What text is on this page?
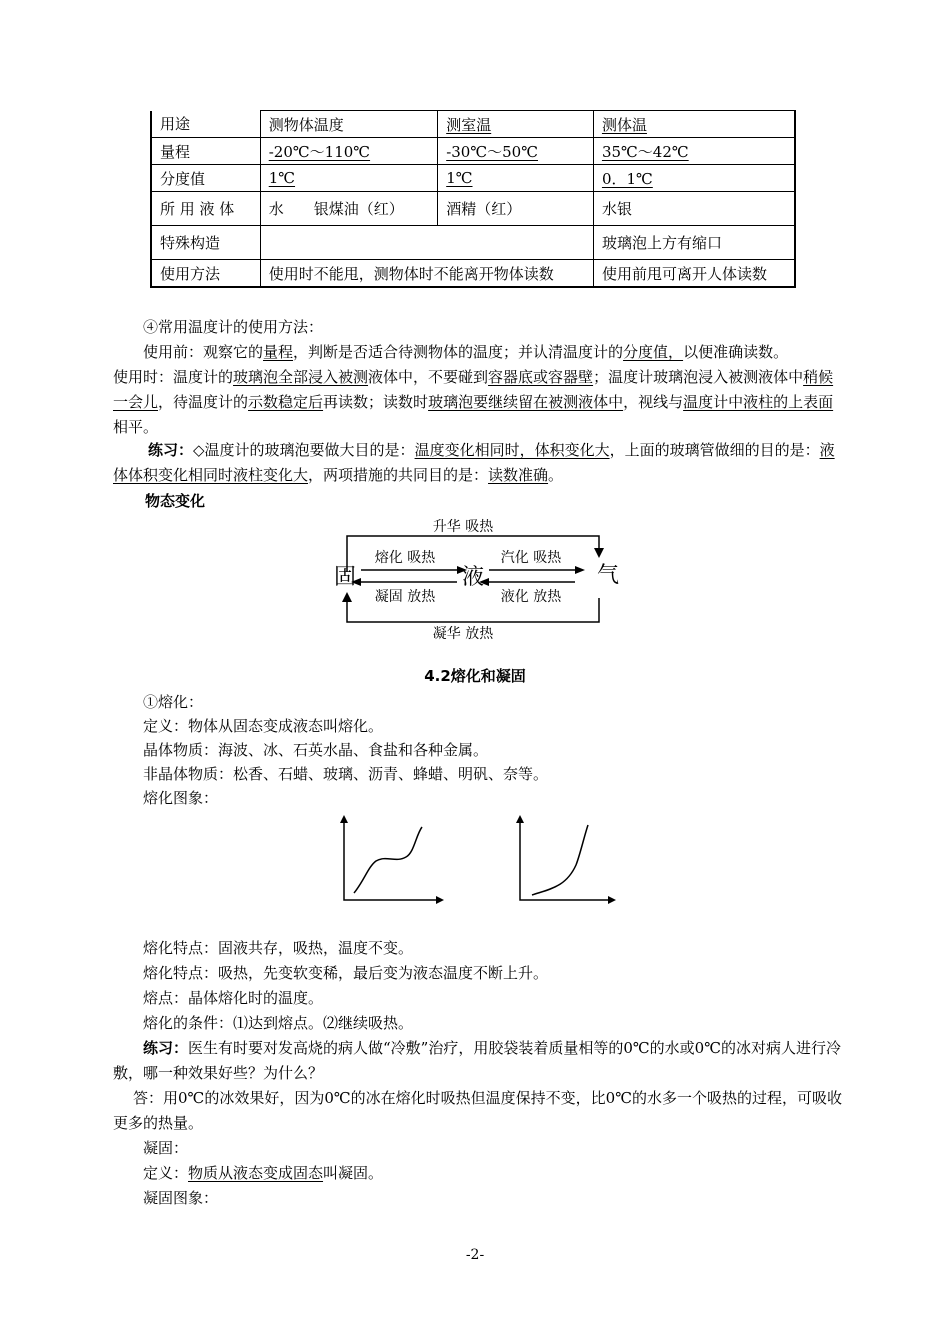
用途	测物体温度	测室温	测体温
量程	-20℃～110℃	-30℃～50℃	35℃～42℃
分度值	1℃	1℃	0．1℃
所 用 液 体	水　　银煤油（红）	酒精（红）	水银
特殊构造			玻璃泡上方有缩口
使用方法	使用时不能甩，测物体时不能离开物体读数		使用前甩可离开人体读数
④常用温度计的使用方法：
使用前：观察它的量程，判断是否适合待测物体的温度；并认清温度计的分度值，以便准确读数。
使用时：温度计的玻璃泡全部浸入被测液体中，不要碰到容器底或容器壁；温度计玻璃泡浸入被测液体中稍候一会儿，待温度计的示数稳定后再读数；读数时玻璃泡要继续留在被测液体中，视线与温度计中液柱的上表面相平。
练习：◇温度计的玻璃泡要做大目的是：温度变化相同时，体积变化大，上面的玻璃管做细的目的是：液体体积变化相同时液柱变化大，两项措施的共同目的是：读数准确。
物态变化
升华 吸热
凝华 放热
熔化 吸热
凝固 放热
汽化 吸热
液化 放热
固	液	气
4.2熔化和凝固
①熔化：
定义：物体从固态变成液态叫熔化。
晶体物质：海波、冰、石英水晶、食盐和各种金属。
非晶体物质：松香、石蜡、玻璃、沥青、蜂蜡、明矾、奈等。
熔化图象：
熔化特点：固液共存，吸热，温度不变。
熔化特点：吸热，先变软变稀，最后变为液态温度不断上升。
熔点：晶体熔化时的温度。
熔化的条件：⑴达到熔点。⑵继续吸热。
练习：医生有时要对发高烧的病人做“冷敷”治疗，用胶袋装着质量相等的0℃的水或0℃的冰对病人进行冷敷，哪一种效果好些？为什么？
答：用0℃的冰效果好，因为0℃的冰在熔化时吸热但温度保持不变，比0℃的水多一个吸热的过程，可吸收更多的热量。
凝固：
定义：物质从液态变成固态叫凝固。
凝固图象：
-2-
